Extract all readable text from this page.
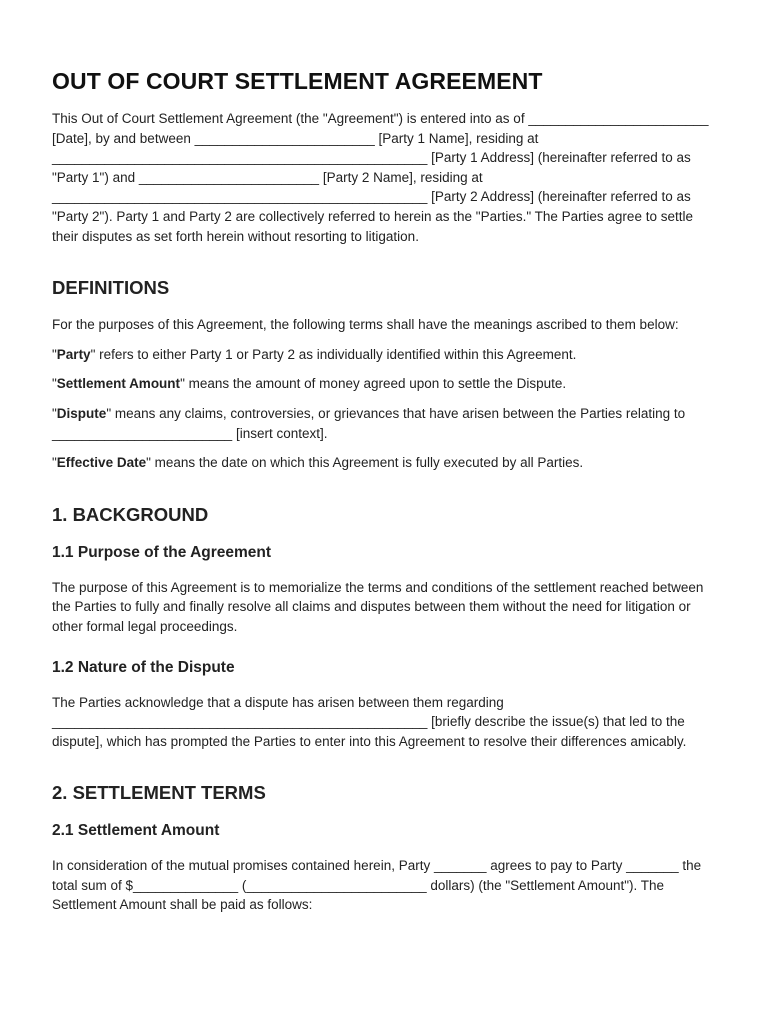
OUT OF COURT SETTLEMENT AGREEMENT

This Out of Court Settlement Agreement (the "Agreement") is entered into as of ________________________ [Date], by and between ________________________ [Party 1 Name], residing at __________________________________________________ [Party 1 Address] (hereinafter referred to as "Party 1") and ________________________ [Party 2 Name], residing at __________________________________________________ [Party 2 Address] (hereinafter referred to as "Party 2"). Party 1 and Party 2 are collectively referred to herein as the "Parties." The Parties agree to settle their disputes as set forth herein without resorting to litigation.

DEFINITIONS

For the purposes of this Agreement, the following terms shall have the meanings ascribed to them below:

"Party" refers to either Party 1 or Party 2 as individually identified within this Agreement.

"Settlement Amount" means the amount of money agreed upon to settle the Dispute.

"Dispute" means any claims, controversies, or grievances that have arisen between the Parties relating to ________________________ [insert context].

"Effective Date" means the date on which this Agreement is fully executed by all Parties.

1. BACKGROUND
1.1 Purpose of the Agreement

The purpose of this Agreement is to memorialize the terms and conditions of the settlement reached between the Parties to fully and finally resolve all claims and disputes between them without the need for litigation or other formal legal proceedings.

1.2 Nature of the Dispute

The Parties acknowledge that a dispute has arisen between them regarding __________________________________________________ [briefly describe the issue(s) that led to the dispute], which has prompted the Parties to enter into this Agreement to resolve their differences amicably.

2. SETTLEMENT TERMS
2.1 Settlement Amount

In consideration of the mutual promises contained herein, Party _______ agrees to pay to Party _______ the total sum of $______________ (________________________ dollars) (the "Settlement Amount"). The Settlement Amount shall be paid as follows:
